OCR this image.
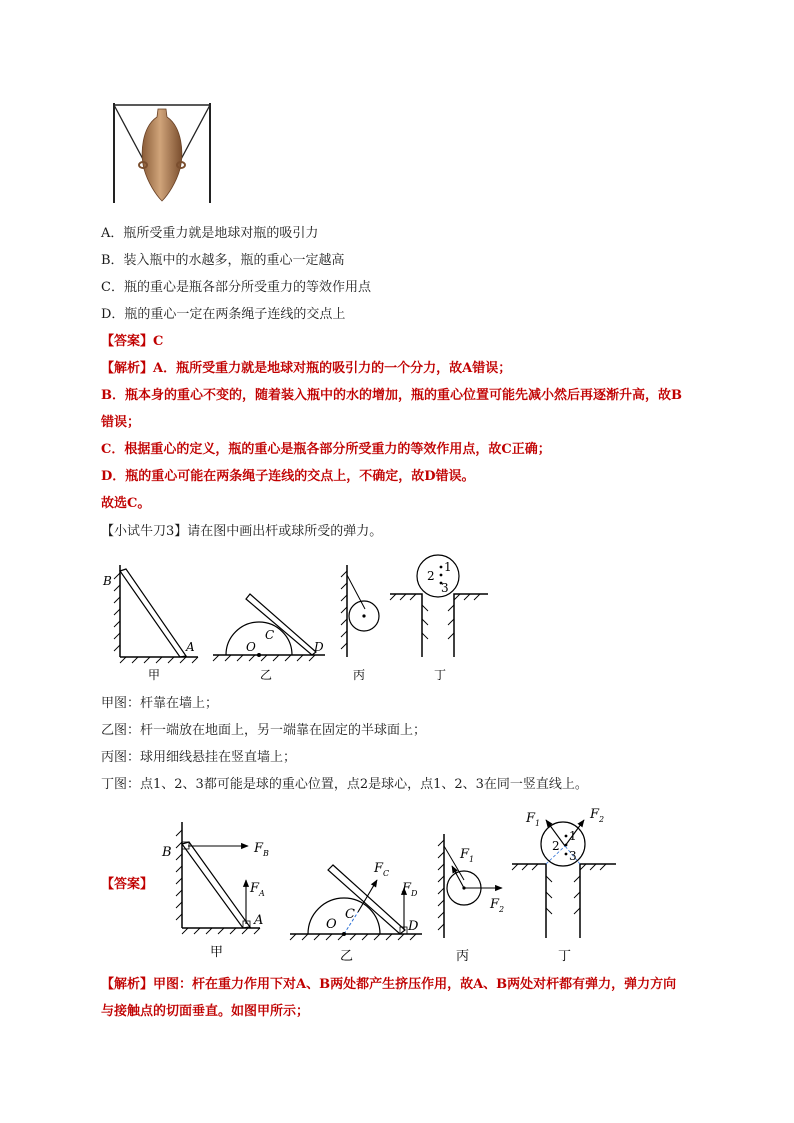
A．瓶所受重力就是地球对瓶的吸引力
B．装入瓶中的水越多，瓶的重心一定越高
C．瓶的重心是瓶各部分所受重力的等效作用点
D．瓶的重心一定在两条绳子连线的交点上
【答案】C
【解析】A．瓶所受重力就是地球对瓶的吸引力的一个分力，故A错误；
B．瓶本身的重心不变的，随着装入瓶中的水的增加，瓶的重心位置可能先减小然后再逐渐升高，故B
错误；
C．根据重心的定义，瓶的重心是瓶各部分所受重力的等效作用点，故C正确；
D．瓶的重心可能在两条绳子连线的交点上，不确定，故D错误。
故选C。
【小试牛刀3】请在图中画出杆或球所受的弹力。
B
A
甲
O
C
D
乙	丙
1
2
3
丁
甲图：杆靠在墙上；
乙图：杆一端放在地面上，另一端靠在固定的半球面上；
丙图：球用细线悬挂在竖直墙上；
丁图：点1、2、3都可能是球的重心位置，点2是球心，点1、2、3在同一竖直线上。
【答案】
B	F B
F A
A
甲
O
C
F C
F D
D
乙
F 1
F 2
丙
1
2
3
F 1
F 2
丁
【解析】甲图：杆在重力作用下对A、B两处都产生挤压作用，故A、B两处对杆都有弹力，弹力方向
与接触点的切面垂直。如图甲所示；
